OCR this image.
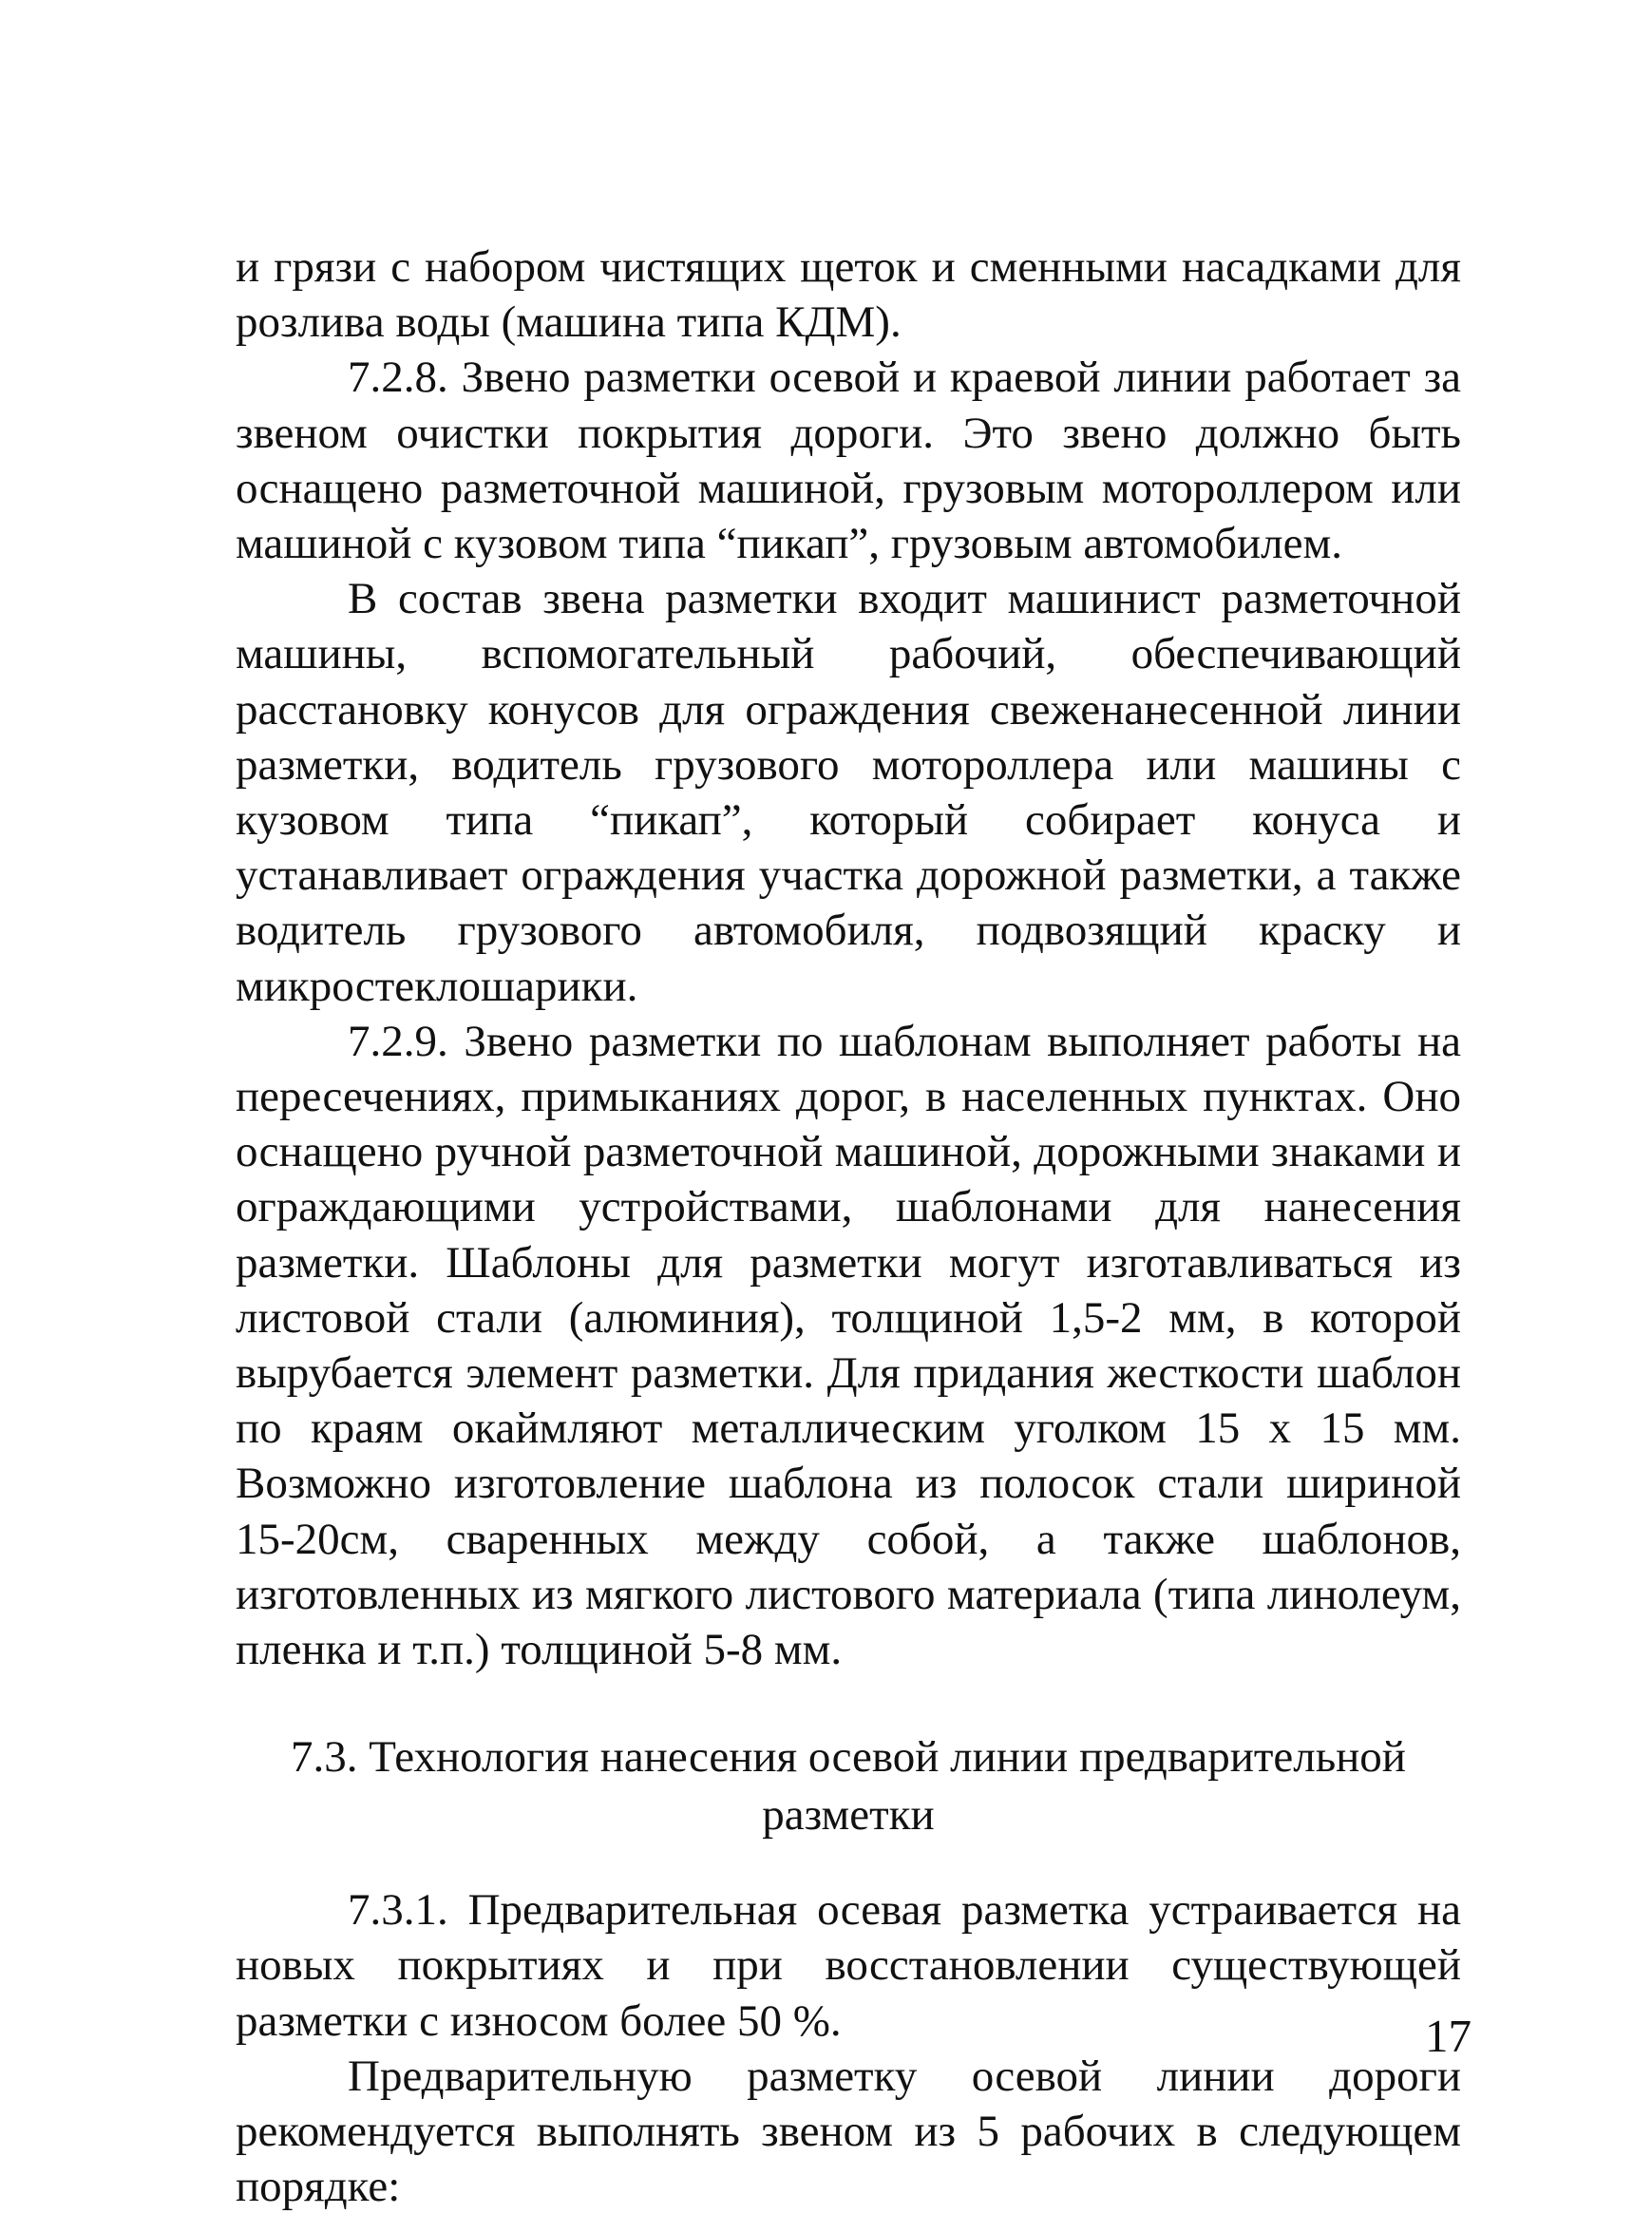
и грязи с набором чистящих щеток и сменными насадками для розлива воды (машина типа КДМ).

7.2.8. Звено разметки осевой и краевой линии работает за звеном очистки покрытия дороги. Это звено должно быть оснащено разметочной машиной, грузовым мотороллером или машиной с кузовом типа “пикап”, грузовым автомобилем.

В состав звена разметки входит машинист разметочной машины, вспомогательный рабочий, обеспечивающий расстановку конусов для ограждения свеженанесенной линии разметки, водитель грузового мотороллера или машины с кузовом типа “пикап”, который собирает конуса и устанавливает ограждения участка дорожной разметки, а также водитель грузового автомобиля, подвозящий краску и микростеклошарики.

7.2.9. Звено разметки по шаблонам выполняет работы на пересечениях, примыканиях дорог, в населенных пунктах. Оно оснащено ручной разметочной машиной, дорожными знаками и ограждающими устройствами, шаблонами для нанесения разметки. Шаблоны для разметки могут изготавливаться из листовой стали (алюминия), толщиной 1,5-2 мм, в которой вырубается элемент разметки. Для придания жесткости шаблон по краям окаймляют металлическим уголком 15 х 15 мм. Возможно изготовление шаблона из полосок стали шириной 15-20см, сваренных между собой, а также шаблонов, изготовленных из мягкого листового материала (типа линолеум, пленка и т.п.) толщиной 5-8 мм.

7.3. Технология нанесения осевой линии предварительной
разметки

7.3.1. Предварительная осевая разметка устраивается на новых покрытиях и при восстановлении существующей разметки с износом более 50 %.

Предварительную разметку осевой линии дороги рекомендуется выполнять звеном из 5 рабочих в следующем порядке:

17
